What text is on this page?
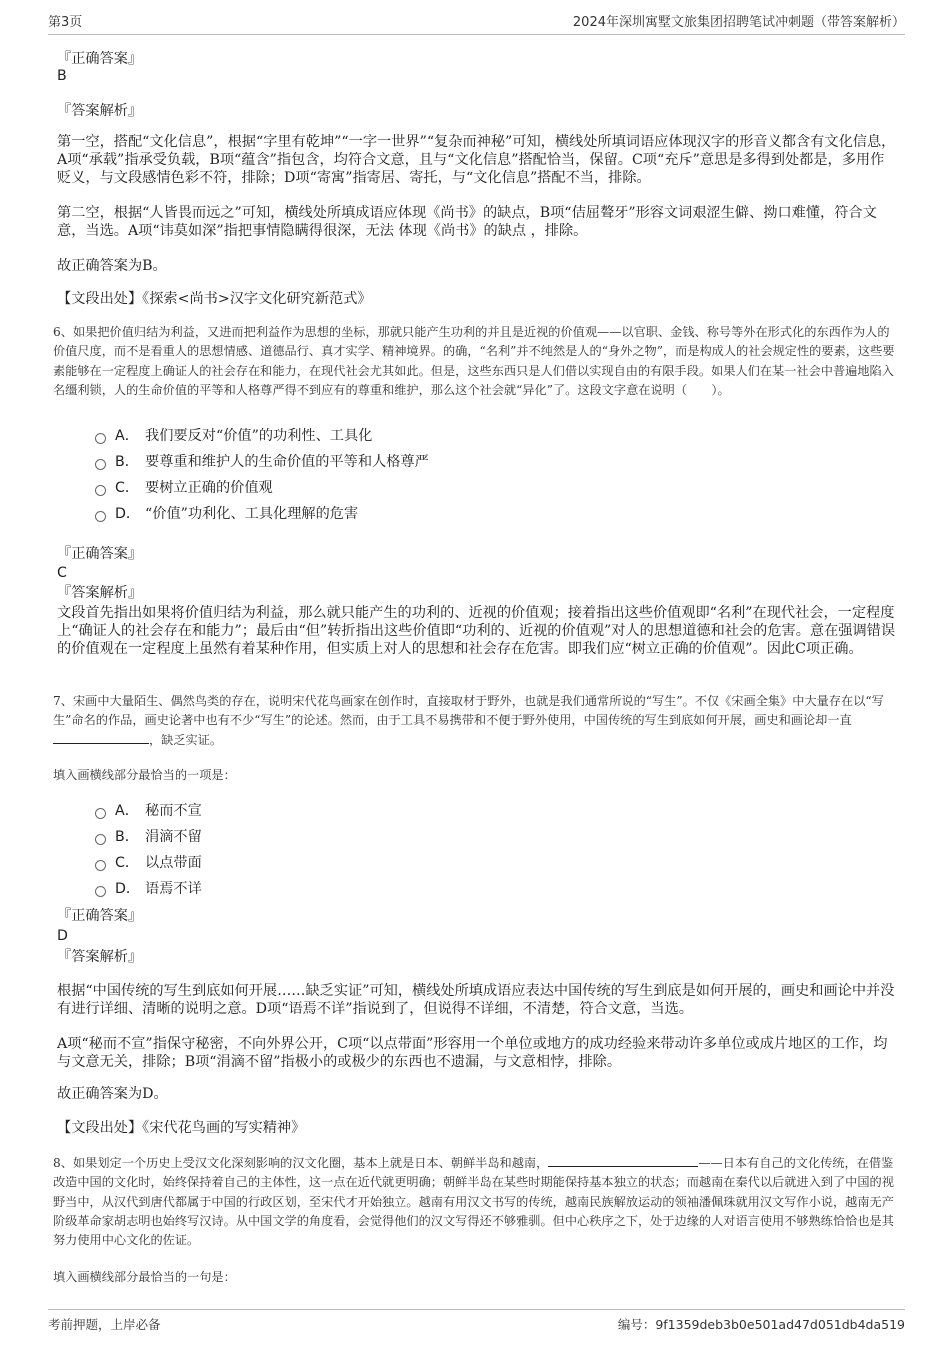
第3页	2024年深圳寓墅文旅集团招聘笔试冲刺题（带答案解析）
『正确答案』
B
『答案解析』
第一空，搭配“文化信息”，根据“字里有乾坤”“一字一世界”“复杂而神秘”可知，横线处所填词语应体现汉字的形音义都含有文化信息，A项“承载”指承受负载，B项“蕴含”指包含，均符合文意，且与“文化信息”搭配恰当，保留。C项“充斥”意思是多得到处都是，多用作贬义，与文段感情色彩不符，排除；D项“寄寓”指寄居、寄托，与“文化信息”搭配不当，排除。
第二空，根据“人皆畏而远之”可知，横线处所填成语应体现《尚书》的缺点，B项“佶屈聱牙”形容文词艰涩生僻、拗口难懂，符合文意，当选。A项“讳莫如深”指把事情隐瞒得很深，无法 体现《尚书》的缺点 ，排除。
故正确答案为B。
【文段出处】《探索<尚书>汉字文化研究新范式》
6、如果把价值归结为利益，又进而把利益作为思想的坐标，那就只能产生功利的并且是近视的价值观——以官职、金钱、称号等外在形式化的东西作为人的价值尺度，而不是看重人的思想情感、道德品行、真才实学、精神境界。的确，“名利”并不纯然是人的“身外之物”，而是构成人的社会规定性的要素，这些要素能够在一定程度上确证人的社会存在和能力，在现代社会尤其如此。但是，这些东西只是人们借以实现自由的有限手段。如果人们在某一社会中普遍地陷入名缰利锁，人的生命价值的平等和人格尊严得不到应有的尊重和维护，那么这个社会就“异化”了。这段文字意在说明（　　）。
A． 我们要反对“价值”的功利性、工具化
B． 要尊重和维护人的生命价值的平等和人格尊严
C． 要树立正确的价值观
D． “价值”功利化、工具化理解的危害
『正确答案』
C
『答案解析』
文段首先指出如果将价值归结为利益，那么就只能产生的功利的、近视的价值观；接着指出这些价值观即“名利”在现代社会，一定程度上“确证人的社会存在和能力”；最后由“但”转折指出这些价值即“功利的、近视的价值观”对人的思想道德和社会的危害。意在强调错误的价值观在一定程度上虽然有着某种作用，但实质上对人的思想和社会存在危害。即我们应“树立正确的价值观”。因此C项正确。
7、宋画中大量陌生、偶然鸟类的存在，说明宋代花鸟画家在创作时，直接取材于野外，也就是我们通常所说的“写生”。不仅《宋画全集》中大量存在以“写生”命名的作品，画史论著中也有不少“写生”的论述。然而，由于工具不易携带和不便于野外使用，中国传统的写生到底如何开展，画史和画论却一直，缺乏实证。
填入画横线部分最恰当的一项是：
A． 秘而不宣
B． 涓滴不留
C． 以点带面
D． 语焉不详
『正确答案』
D
『答案解析』
根据“中国传统的写生到底如何开展……缺乏实证”可知，横线处所填成语应表达中国传统的写生到底是如何开展的，画史和画论中并没有进行详细、清晰的说明之意。D项“语焉不详”指说到了，但说得不详细，不清楚，符合文意，当选。
A项“秘而不宣”指保守秘密，不向外界公开，C项“以点带面”形容用一个单位或地方的成功经验来带动许多单位或成片地区的工作，均与文意无关，排除；B项“涓滴不留”指极小的或极少的东西也不遗漏，与文意相悖，排除。
故正确答案为D。
【文段出处】《宋代花鸟画的写实精神》
8、如果划定一个历史上受汉文化深刻影响的汉文化圈，基本上就是日本、朝鲜半岛和越南，	——日本有自己的文化传统，在借鉴改造中国的文化时，始终保持着自己的主体性，这一点在近代就更明确；朝鲜半岛在某些时期能保持基本独立的状态；而越南在秦代以后就进入到了中国的视野当中，从汉代到唐代都属于中国的行政区划，至宋代才开始独立。越南有用汉文书写的传统，越南民族解放运动的领袖潘佩珠就用汉文写作小说，越南无产阶级革命家胡志明也始终写汉诗。从中国文学的角度看，会觉得他们的汉文写得还不够雅驯。但中心秩序之下，处于边缘的人对语言使用不够熟练恰恰也是其努力使用中心文化的佐证。
填入画横线部分最恰当的一句是：
考前押题，上岸必备	编号：9f1359deb3b0e501ad47d051db4da519
